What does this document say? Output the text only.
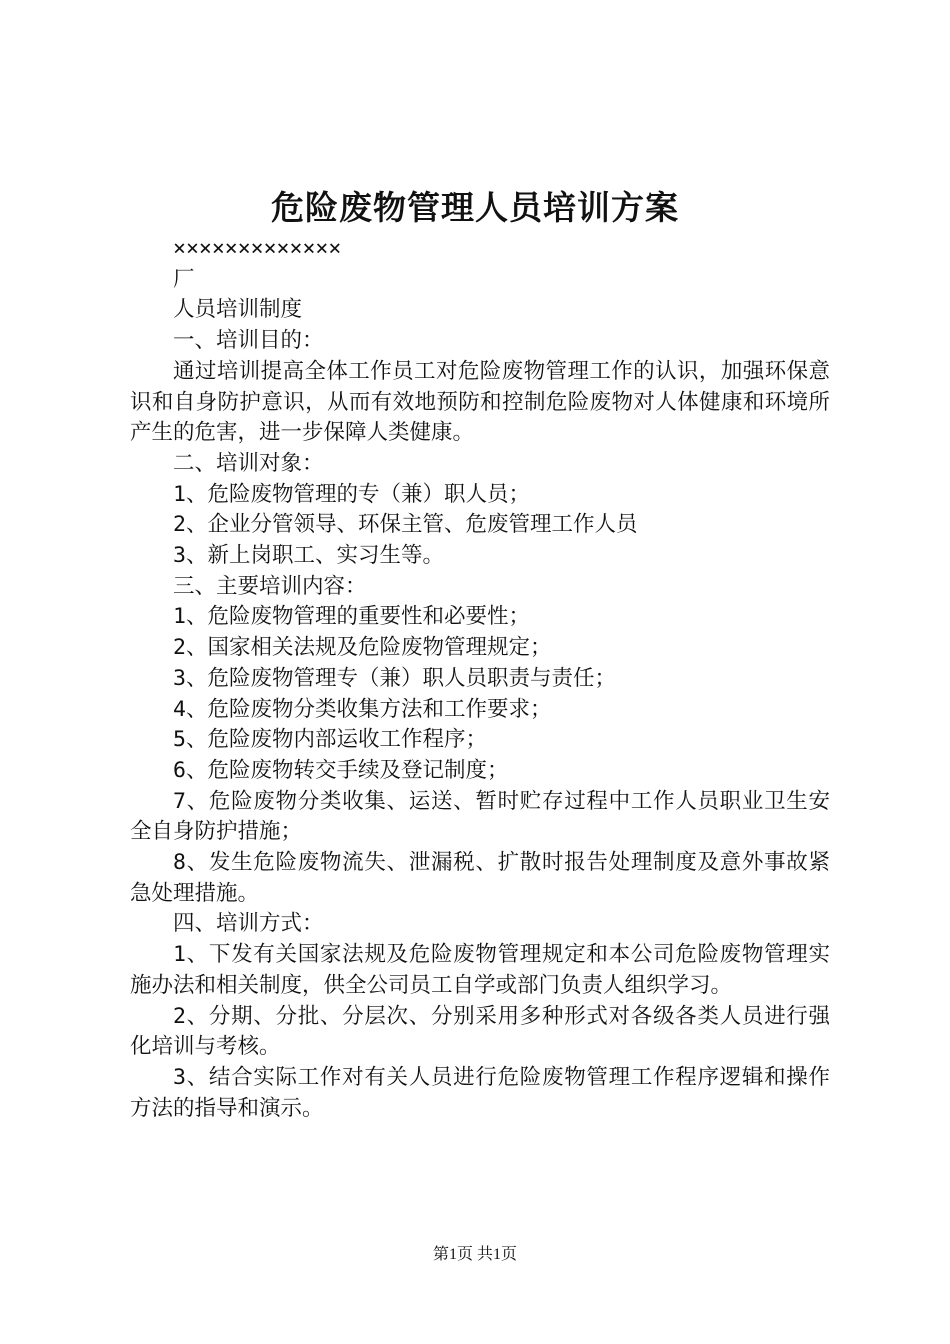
危险废物管理人员培训方案

×××××××××××××

厂

人员培训制度

一、培训目的：

通过培训提高全体工作员工对危险废物管理工作的认识，加强环保意识和自身防护意识，从而有效地预防和控制危险废物对人体健康和环境所产生的危害，进一步保障人类健康。

二、培训对象：

1、危险废物管理的专（兼）职人员；

2、企业分管领导、环保主管、危废管理工作人员

3、新上岗职工、实习生等。

三、主要培训内容：

1、危险废物管理的重要性和必要性；

2、国家相关法规及危险废物管理规定；

3、危险废物管理专（兼）职人员职责与责任；

4、危险废物分类收集方法和工作要求；

5、危险废物内部运收工作程序；

6、危险废物转交手续及登记制度；

7、危险废物分类收集、运送、暂时贮存过程中工作人员职业卫生安全自身防护措施；

8、发生危险废物流失、泄漏税、扩散时报告处理制度及意外事故紧急处理措施。

四、培训方式：

1、下发有关国家法规及危险废物管理规定和本公司危险废物管理实施办法和相关制度，供全公司员工自学或部门负责人组织学习。

2、分期、分批、分层次、分别采用多种形式对各级各类人员进行强化培训与考核。

3、结合实际工作对有关人员进行危险废物管理工作程序逻辑和操作方法的指导和演示。

第1页 共1页
